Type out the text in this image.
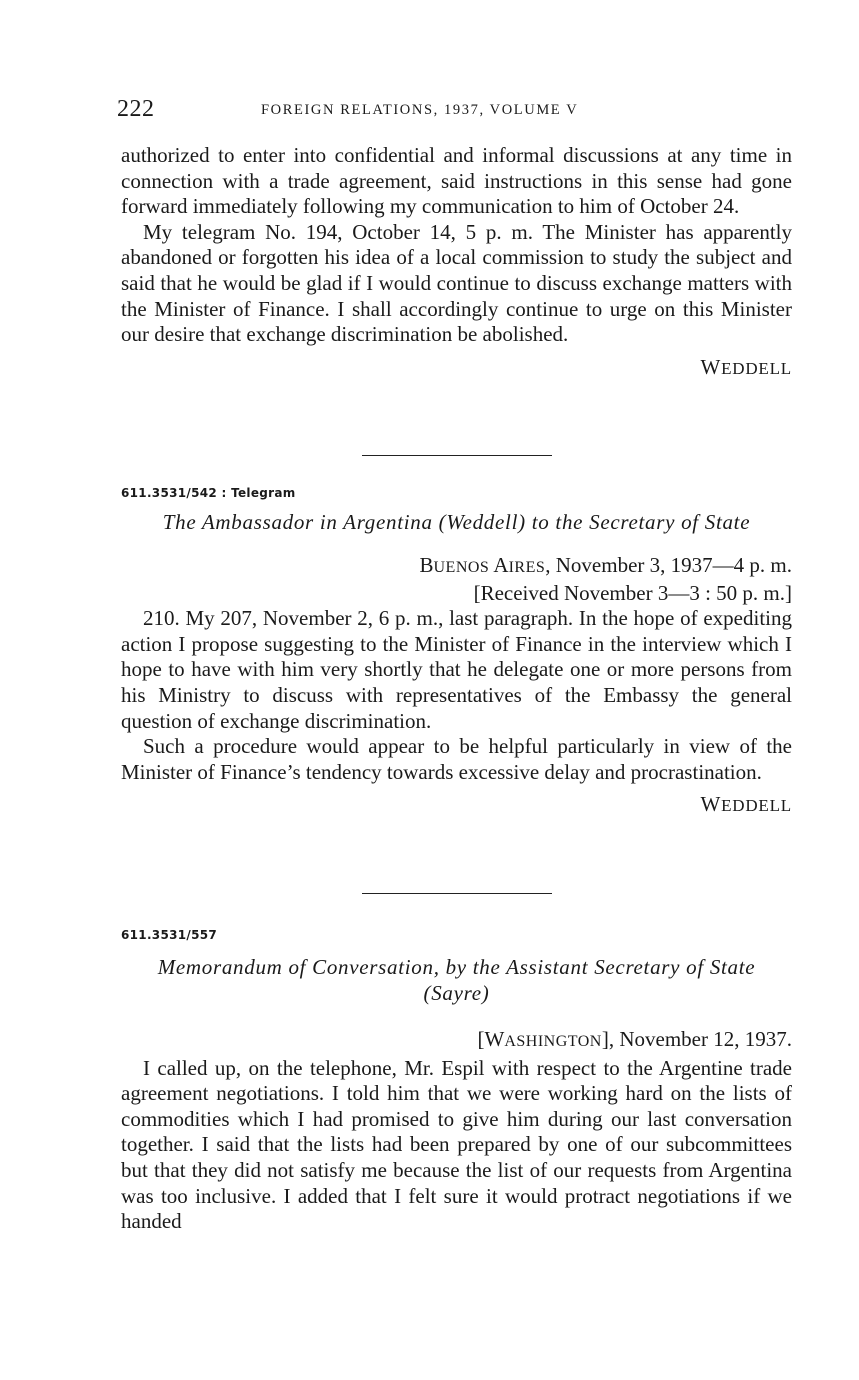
222	FOREIGN RELATIONS, 1937, VOLUME V

authorized to enter into confidential and informal discussions at any time in connection with a trade agreement, said instructions in this sense had gone forward immediately following my communication to him of October 24.

My telegram No. 194, October 14, 5 p. m. The Minister has apparently abandoned or forgotten his idea of a local commission to study the subject and said that he would be glad if I would continue to discuss exchange matters with the Minister of Finance. I shall accordingly continue to urge on this Minister our desire that exchange discrimination be abolished.

WEDDELL

611.3531/542 : Telegram

The Ambassador in Argentina (Weddell) to the Secretary of State

BUENOS AIRES, November 3, 1937—4 p. m.

[Received November 3—3 : 50 p. m.]

210. My 207, November 2, 6 p. m., last paragraph. In the hope of expediting action I propose suggesting to the Minister of Finance in the interview which I hope to have with him very shortly that he delegate one or more persons from his Ministry to discuss with representatives of the Embassy the general question of exchange discrimination.

Such a procedure would appear to be helpful particularly in view of the Minister of Finance’s tendency towards excessive delay and procrastination.

WEDDELL

611.3531/557

Memorandum of Conversation, by the Assistant Secretary of State

(Sayre)

[WASHINGTON], November 12, 1937.

I called up, on the telephone, Mr. Espil with respect to the Argentine trade agreement negotiations. I told him that we were working hard on the lists of commodities which I had promised to give him during our last conversation together. I said that the lists had been prepared by one of our subcommittees but that they did not satisfy me because the list of our requests from Argentina was too inclusive. I added that I felt sure it would protract negotiations if we handed
